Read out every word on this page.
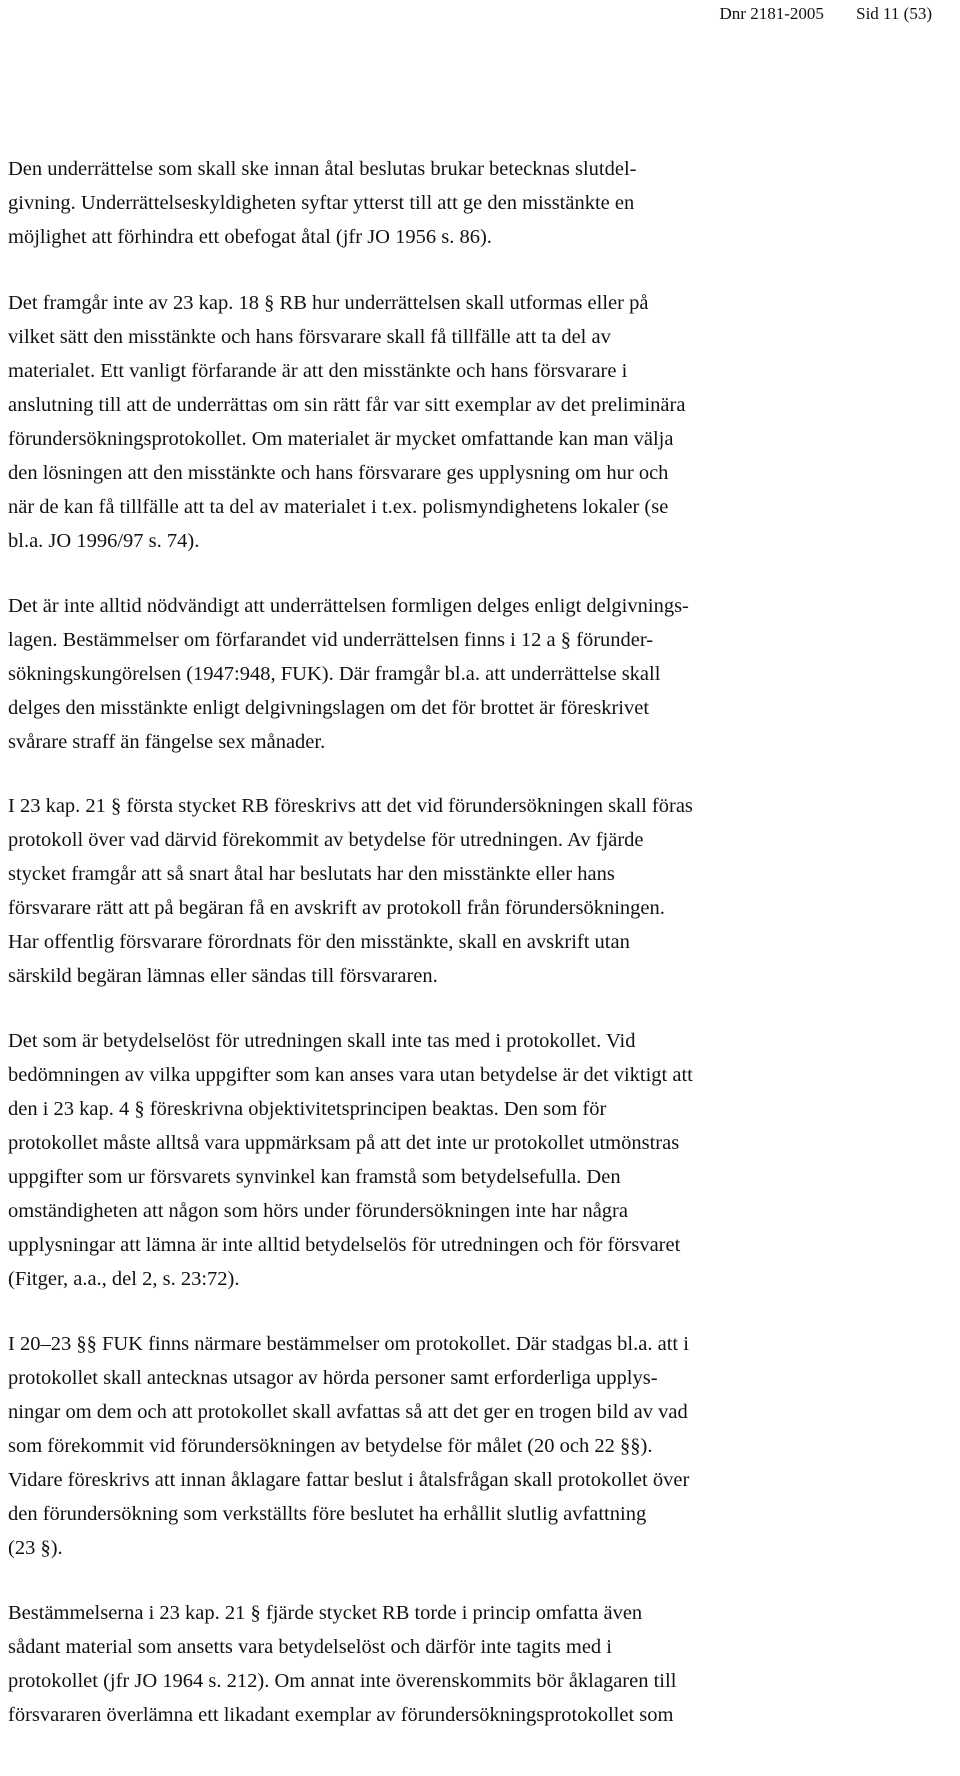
Dnr 2181-2005 Sid 11 (53)
Den underrättelse som skall ske innan åtal beslutas brukar betecknas slutdel-
givning. Underrättelseskyldigheten syftar ytterst till att ge den misstänkte en
möjlighet att förhindra ett obefogat åtal (jfr JO 1956 s. 86).
Det framgår inte av 23 kap. 18 § RB hur underrättelsen skall utformas eller på
vilket sätt den misstänkte och hans försvarare skall få tillfälle att ta del av
materialet. Ett vanligt förfarande är att den misstänkte och hans försvarare i
anslutning till att de underrättas om sin rätt får var sitt exemplar av det preliminära
förundersökningsprotokollet. Om materialet är mycket omfattande kan man välja
den lösningen att den misstänkte och hans försvarare ges upplysning om hur och
när de kan få tillfälle att ta del av materialet i t.ex. polismyndighetens lokaler (se
bl.a. JO 1996/97 s. 74).
Det är inte alltid nödvändigt att underrättelsen formligen delges enligt delgivnings-
lagen. Bestämmelser om förfarandet vid underrättelsen finns i 12 a § förunder-
sökningskungörelsen (1947:948, FUK). Där framgår bl.a. att underrättelse skall
delges den misstänkte enligt delgivningslagen om det för brottet är föreskrivet
svårare straff än fängelse sex månader.
I 23 kap. 21 § första stycket RB föreskrivs att det vid förundersökningen skall föras
protokoll över vad därvid förekommit av betydelse för utredningen. Av fjärde
stycket framgår att så snart åtal har beslutats har den misstänkte eller hans
försvarare rätt att på begäran få en avskrift av protokoll från förundersökningen.
Har offentlig försvarare förordnats för den misstänkte, skall en avskrift utan
särskild begäran lämnas eller sändas till försvararen.
Det som är betydelselöst för utredningen skall inte tas med i protokollet. Vid
bedömningen av vilka uppgifter som kan anses vara utan betydelse är det viktigt att
den i 23 kap. 4 § föreskrivna objektivitetsprincipen beaktas. Den som för
protokollet måste alltså vara uppmärksam på att det inte ur protokollet utmönstras
uppgifter som ur försvarets synvinkel kan framstå som betydelsefulla. Den
omständigheten att någon som hörs under förundersökningen inte har några
upplysningar att lämna är inte alltid betydelselös för utredningen och för försvaret
(Fitger, a.a., del 2, s. 23:72).
I 20–23 §§ FUK finns närmare bestämmelser om protokollet. Där stadgas bl.a. att i
protokollet skall antecknas utsagor av hörda personer samt erforderliga upplys-
ningar om dem och att protokollet skall avfattas så att det ger en trogen bild av vad
som förekommit vid förundersökningen av betydelse för målet (20 och 22 §§).
Vidare föreskrivs att innan åklagare fattar beslut i åtalsfrågan skall protokollet över
den förundersökning som verkställts före beslutet ha erhållit slutlig avfattning
(23 §).
Bestämmelserna i 23 kap. 21 § fjärde stycket RB torde i princip omfatta även
sådant material som ansetts vara betydelselöst och därför inte tagits med i
protokollet (jfr JO 1964 s. 212). Om annat inte överenskommits bör åklagaren till
försvararen överlämna ett likadant exemplar av förundersökningsprotokollet som
